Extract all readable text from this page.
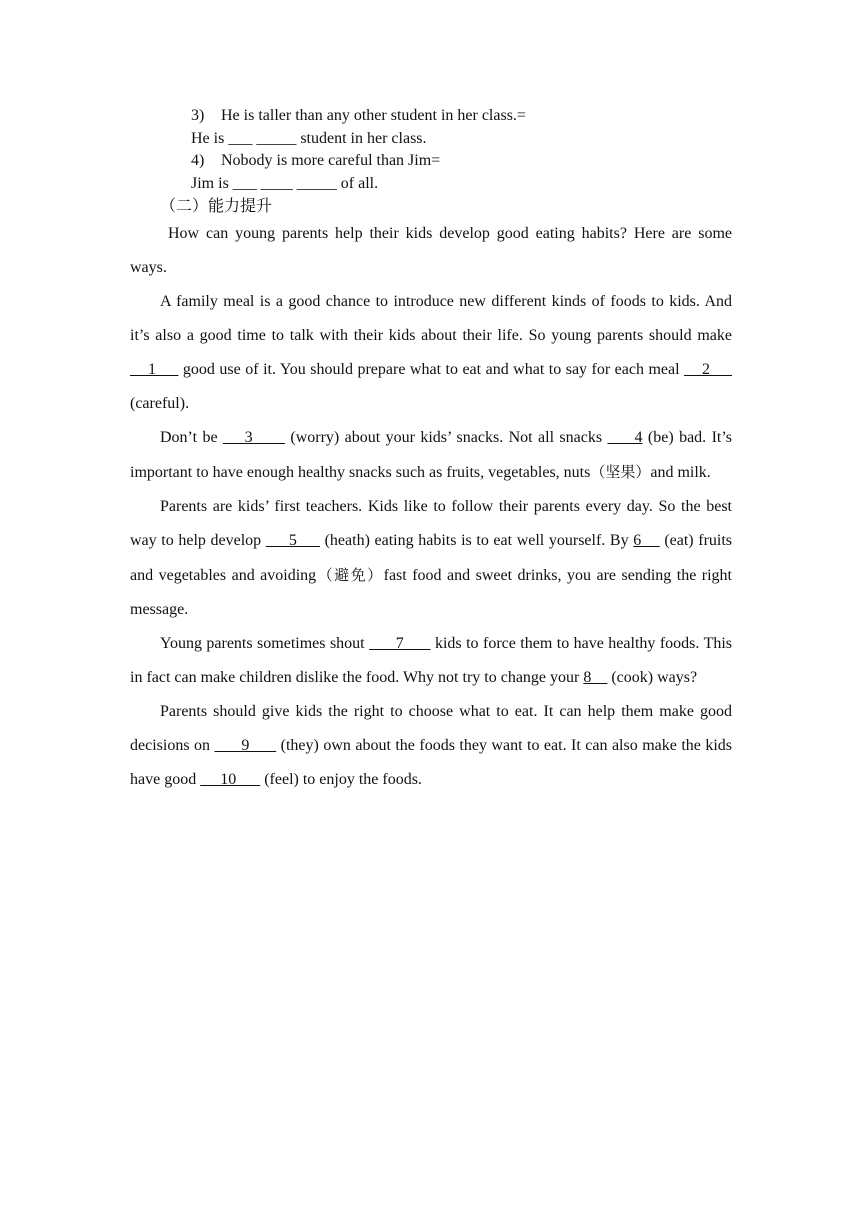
3) He is taller than any other student in her class.=
He is ___ _____ student in her class.
4) Nobody is more careful than Jim=
Jim is ___ ____ _____ of all.
（二）能力提升

How can young parents help their kids develop good eating habits? Here are some ways.

A family meal is a good chance to introduce new different kinds of foods to kids. And it’s also a good time to talk with their kids about their life. So young parents should make     1      good use of it. You should prepare what to eat and what to say for each meal     2      (careful).

Don’t be     3       (worry) about your kids’ snacks. Not all snacks      4 (be) bad. It’s important to have enough healthy snacks such as fruits, vegetables, nuts（坚果）and milk.

Parents are kids’ first teachers. Kids like to follow their parents every day. So the best way to help develop      5      (heath) eating habits is to eat well yourself. By 6     (eat) fruits and vegetables and avoiding（避免）fast food and sweet drinks, you are sending the right message.

Young parents sometimes shout       7       kids to force them to have healthy foods. This in fact can make children dislike the food. Why not try to change your 8     (cook) ways?

Parents should give kids the right to choose what to eat. It can help them make good decisions on       9       (they) own about the foods they want to eat. It can also make the kids have good      10       (feel) to enjoy the foods.
